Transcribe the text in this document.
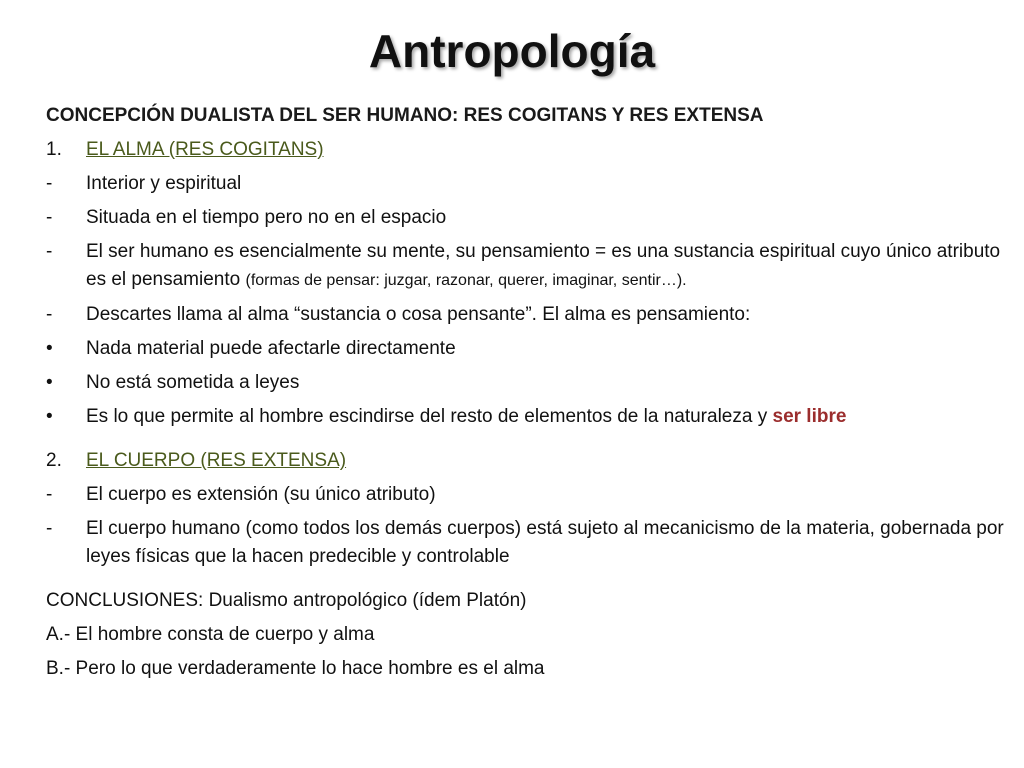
Antropología
CONCEPCIÓN DUALISTA DEL SER HUMANO: RES COGITANS Y RES EXTENSA
1.	EL ALMA (RES COGITANS)
-	Interior y espiritual
-	Situada en el tiempo pero no en el espacio
-	El ser humano es esencialmente su mente, su pensamiento = es una sustancia espiritual cuyo único atributo es el pensamiento (formas de pensar: juzgar, razonar, querer, imaginar, sentir…).
-	Descartes llama al alma “sustancia o cosa pensante”. El alma es pensamiento:
•	Nada material puede afectarle directamente
•	No está sometida a leyes
•	Es lo que permite al hombre escindirse del resto de elementos de la naturaleza y ser libre
2.	EL CUERPO (RES EXTENSA)
-	El cuerpo es extensión (su único atributo)
-	El cuerpo humano (como todos los demás cuerpos) está sujeto al mecanicismo de la materia, gobernada por leyes físicas que la hacen predecible y controlable
CONCLUSIONES: Dualismo antropológico (ídem Platón)
A.- El hombre consta de cuerpo y alma
B.- Pero lo que verdaderamente lo hace hombre es el alma
